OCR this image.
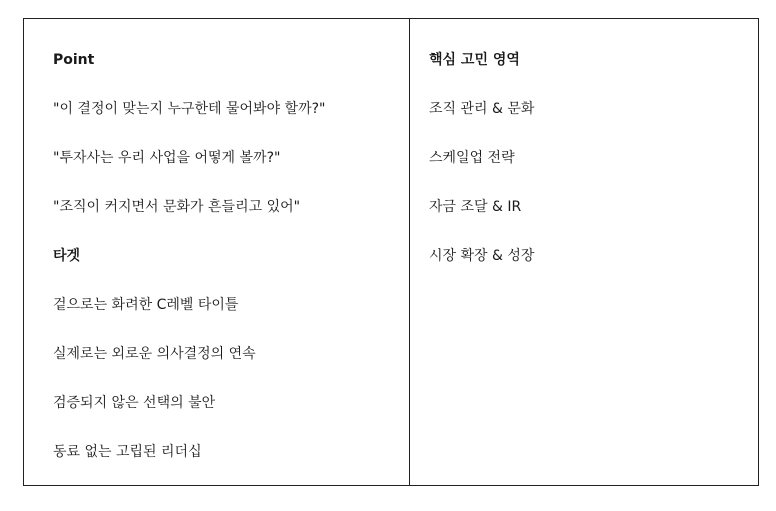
Point
"이 결정이 맞는지 누구한테 물어봐야 할까?"
"투자사는 우리 사업을 어떻게 볼까?"
"조직이 커지면서 문화가 흔들리고 있어"
타겟
겉으로는 화려한 C레벨 타이틀
실제로는 외로운 의사결정의 연속
검증되지 않은 선택의 불안
동료 없는 고립된 리더십
핵심 고민 영역
조직 관리 & 문화
스케일업 전략
자금 조달 & IR
시장 확장 & 성장
